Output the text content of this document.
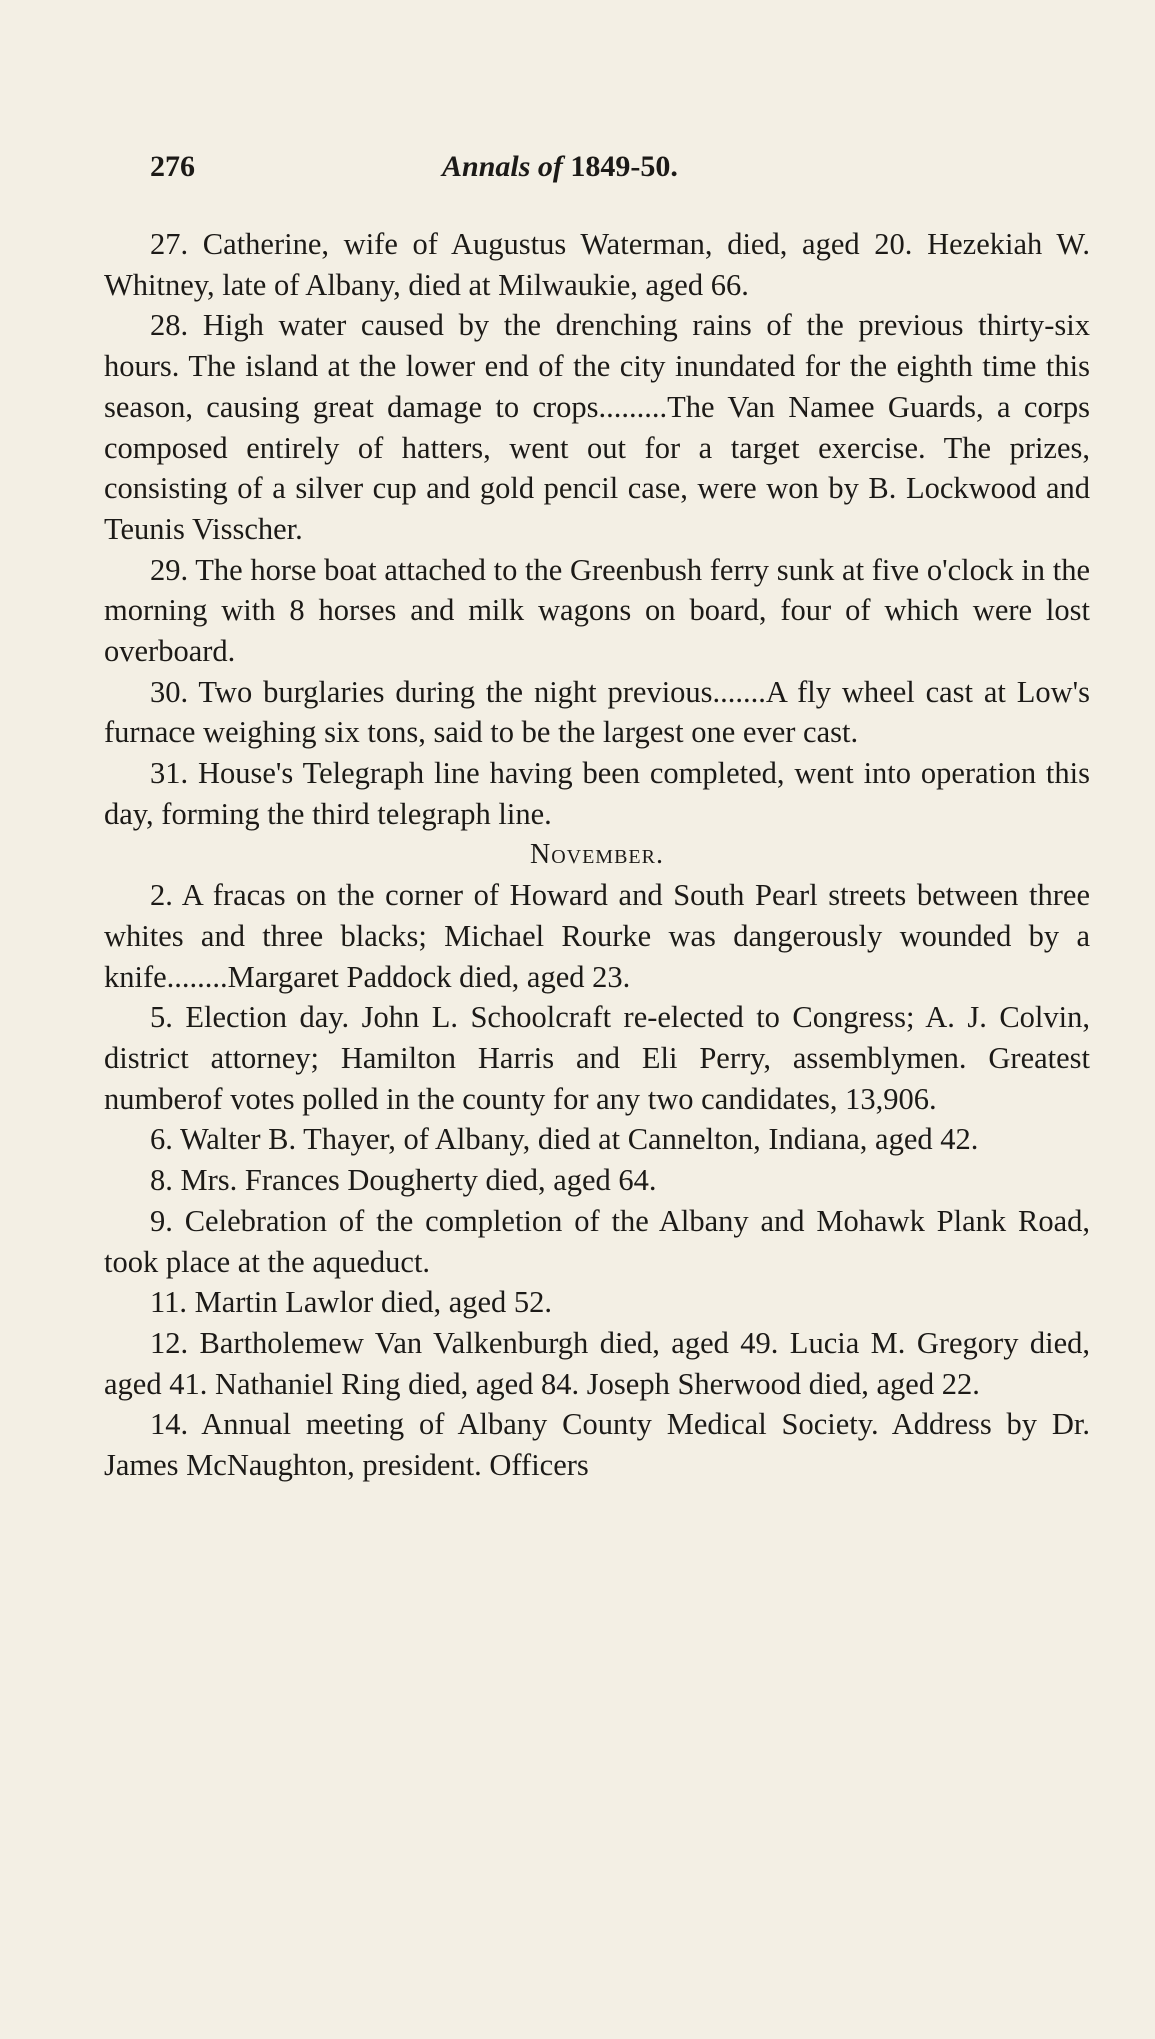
276	Annals of 1849-50.

27. Catherine, wife of Augustus Waterman, died, aged 20. Hezekiah W. Whitney, late of Albany, died at Milwaukie, aged 66.

28. High water caused by the drenching rains of the previous thirty-six hours. The island at the lower end of the city inundated for the eighth time this season, causing great damage to crops.........The Van Namee Guards, a corps composed entirely of hatters, went out for a target exercise. The prizes, consisting of a silver cup and gold pencil case, were won by B. Lockwood and Teunis Visscher.

29. The horse boat attached to the Greenbush ferry sunk at five o'clock in the morning with 8 horses and milk wagons on board, four of which were lost overboard.

30. Two burglaries during the night previous.......A fly wheel cast at Low's furnace weighing six tons, said to be the largest one ever cast.

31. House's Telegraph line having been completed, went into operation this day, forming the third telegraph line.

November.

2. A fracas on the corner of Howard and South Pearl streets between three whites and three blacks; Michael Rourke was dangerously wounded by a knife........Margaret Paddock died, aged 23.

5. Election day. John L. Schoolcraft re-elected to Congress; A. J. Colvin, district attorney; Hamilton Harris and Eli Perry, assemblymen. Greatest numberof votes polled in the county for any two candidates, 13,906.

6. Walter B. Thayer, of Albany, died at Cannelton, Indiana, aged 42.

8. Mrs. Frances Dougherty died, aged 64.

9. Celebration of the completion of the Albany and Mohawk Plank Road, took place at the aqueduct.

11. Martin Lawlor died, aged 52.

12. Bartholemew Van Valkenburgh died, aged 49. Lucia M. Gregory died, aged 41. Nathaniel Ring died, aged 84. Joseph Sherwood died, aged 22.

14. Annual meeting of Albany County Medical Society. Address by Dr. James McNaughton, president. Officers
